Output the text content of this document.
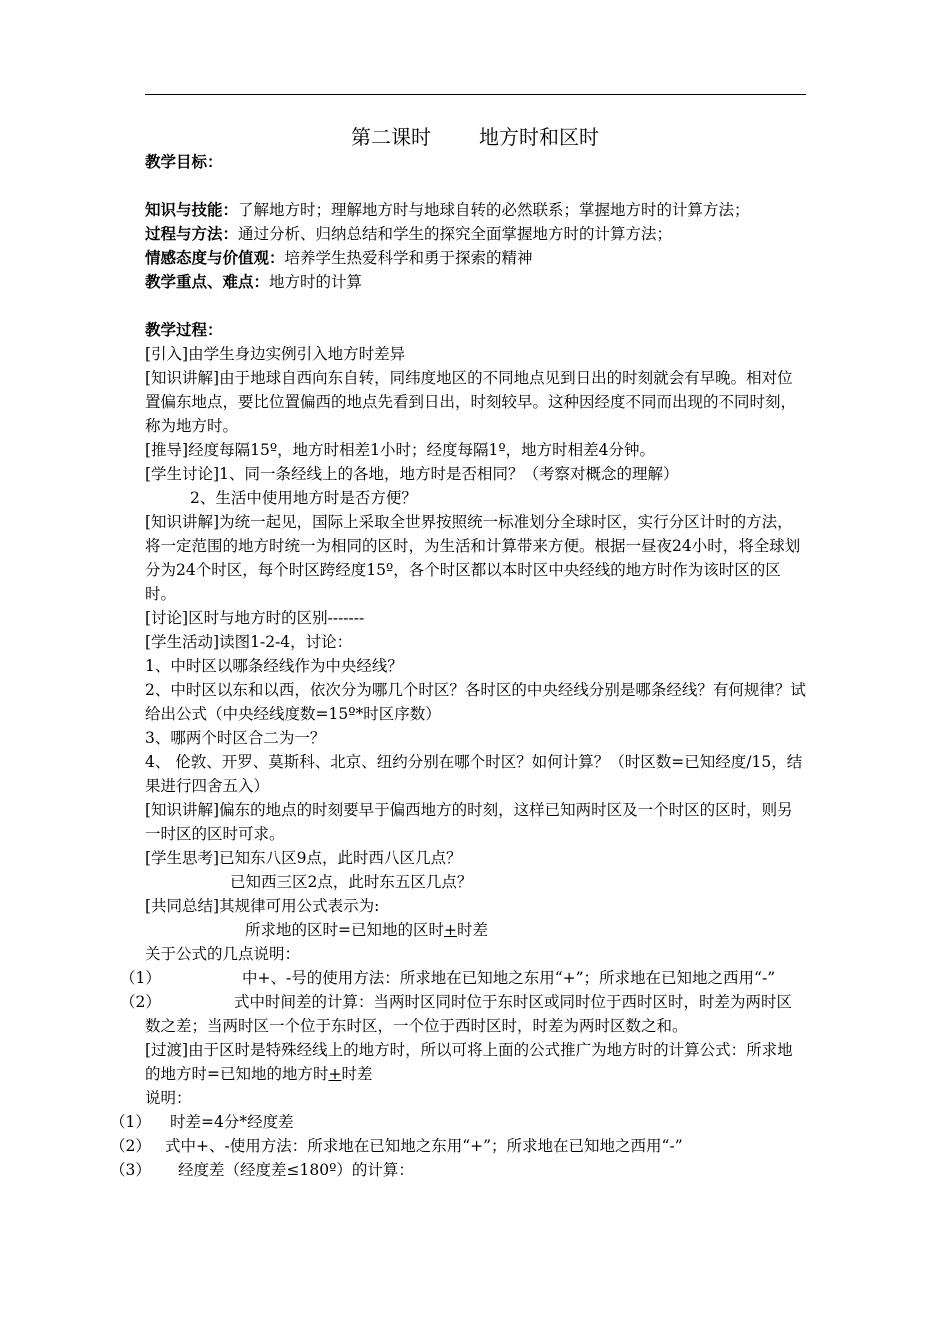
第二课时 地方时和区时

教学目标：

知识与技能：了解地方时；理解地方时与地球自转的必然联系；掌握地方时的计算方法；

过程与方法：通过分析、归纳总结和学生的探究全面掌握地方时的计算方法；

情感态度与价值观：培养学生热爱科学和勇于探索的精神

教学重点、难点：地方时的计算

教学过程：

[引入]由学生身边实例引入地方时差异

[知识讲解]由于地球自西向东自转，同纬度地区的不同地点见到日出的时刻就会有早晚。相对位置偏东地点，要比位置偏西的地点先看到日出，时刻较早。这种因经度不同而出现的不同时刻，称为地方时。

[推导]经度每隔15º，地方时相差1小时；经度每隔1º，地方时相差4分钟。

[学生讨论]1、同一条经线上的各地，地方时是否相同？（考察对概念的理解）

2、生活中使用地方时是否方便？

[知识讲解]为统一起见，国际上采取全世界按照统一标准划分全球时区，实行分区计时的方法，将一定范围的地方时统一为相同的区时，为生活和计算带来方便。根据一昼夜24小时，将全球划分为24个时区，每个时区跨经度15º，各个时区都以本时区中央经线的地方时作为该时区的区时。

[讨论]区时与地方时的区别-------

[学生活动]读图1-2-4，讨论：

1、中时区以哪条经线作为中央经线？

2、中时区以东和以西，依次分为哪几个时区？各时区的中央经线分别是哪条经线？有何规律？试给出公式（中央经线度数=15º*时区序数）

3、哪两个时区合二为一？

4、 伦敦、开罗、莫斯科、北京、纽约分别在哪个时区？如何计算？（时区数=已知经度/15，结果进行四舍五入）

[知识讲解]偏东的地点的时刻要早于偏西地方的时刻，这样已知两时区及一个时区的区时，则另一时区的区时可求。

[学生思考]已知东八区9点，此时西八区几点？

已知西三区2点，此时东五区几点？

[共同总结]其规律可用公式表示为:

所求地的区时=已知地的区时+时差

关于公式的几点说明：

（1）	中+、-号的使用方法：所求地在已知地之东用“+”；所求地在已知地之西用“-”

（2）	式中时间差的计算：当两时区同时位于东时区或同时位于西时区时，时差为两时区数之差；当两时区一个位于东时区，一个位于西时区时，时差为两时区数之和。

[过渡]由于区时是特殊经线上的地方时，所以可将上面的公式推广为地方时的计算公式：所求地的地方时=已知地的地方时+时差

说明：

（1） 时差=4分*经度差

（2） 式中+、-使用方法：所求地在已知地之东用“+”；所求地在已知地之西用“-”

（3） 经度差（经度差≤180º）的计算：
